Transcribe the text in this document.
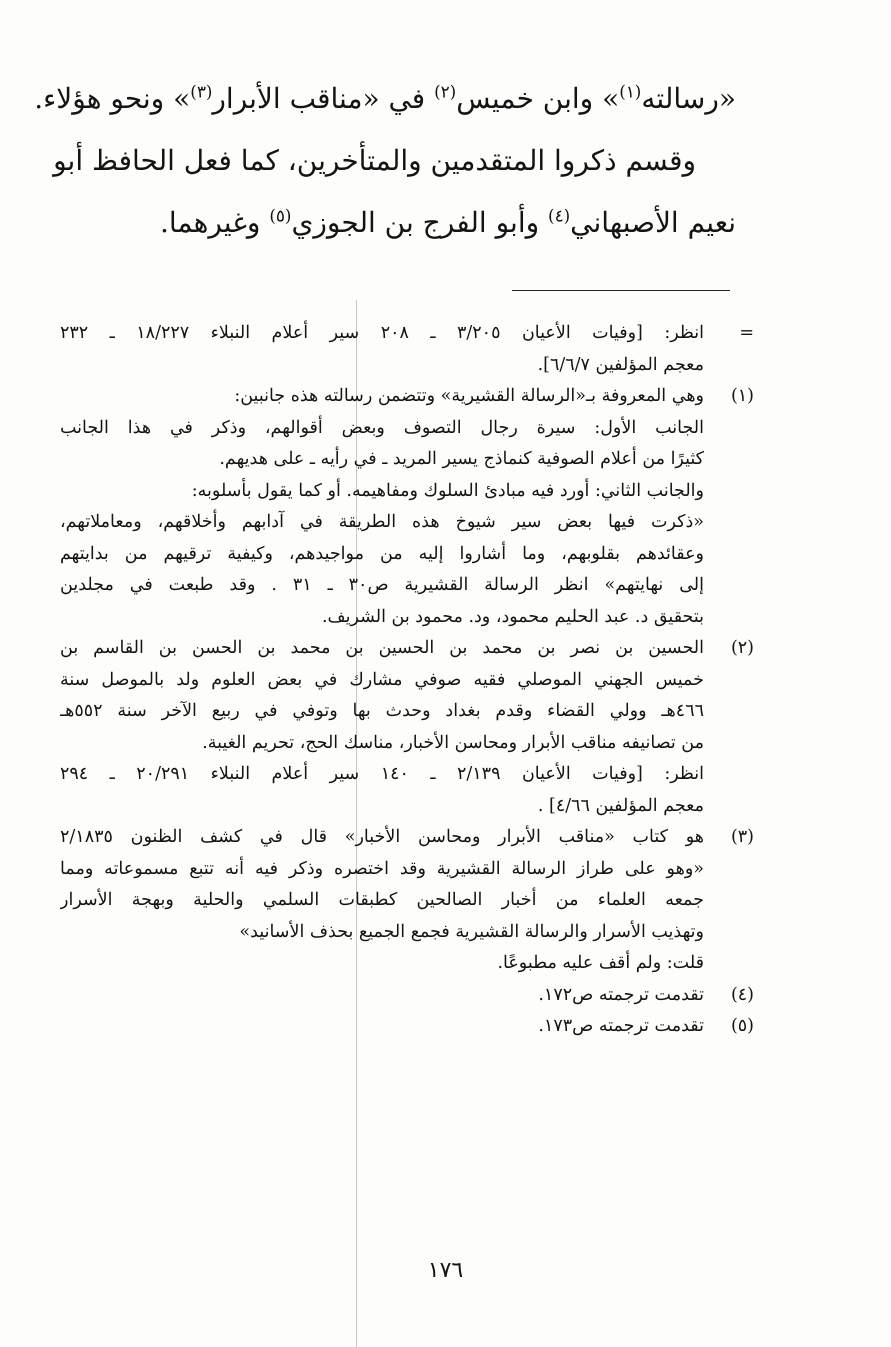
«رسالته$^{(١)}$» وابن خميس$^{(٢)}$ في «مناقب الأبرار$^{(٣)}$» ونحو هؤلاء.
وقسم ذكروا المتقدمين والمتأخرين، كما فعل الحافظ أبو
نعيم الأصبهاني$^{(٤)}$ وأبو الفرج بن الجوزي$^{(٥)}$ وغيرهما.
=
انظر: [وفيات الأعيان ٣/٢٠٥ ـ ٢٠٨ سير أعلام النبلاء ١٨/٢٢٧ ـ ٢٣٢
معجم المؤلفين ٦/٦/٧].
(١)
وهي المعروفة بـ«الرسالة القشيرية» وتتضمن رسالته هذه جانبين:
الجانب الأول: سيرة رجال التصوف وبعض أقوالهم، وذكر في هذا الجانب
كثيرًا من أعلام الصوفية كنماذج يسير المريد ـ في رأيه ـ على هديهم.
والجانب الثاني: أورد فيه مبادئ السلوك ومفاهيمه. أو كما يقول بأسلوبه:
«ذكرت فيها بعض سير شيوخ هذه الطريقة في آدابهم وأخلاقهم، ومعاملاتهم،
وعقائدهم بقلوبهم، وما أشاروا إليه من مواجيدهم، وكيفية ترقيهم من بدايتهم
إلى نهايتهم» انظر الرسالة القشيرية ص٣٠ ـ ٣١ . وقد طبعت في مجلدين
بتحقيق د. عبد الحليم محمود، ود. محمود بن الشريف.
(٢)
الحسين بن نصر بن محمد بن الحسين بن محمد بن الحسن بن القاسم بن
خميس الجهني الموصلي فقيه صوفي مشارك في بعض العلوم ولد بالموصل سنة
٤٦٦هـ وولي القضاء وقدم بغداد وحدث بها وتوفي في ربيع الآخر سنة ٥٥٢هـ
من تصانيفه مناقب الأبرار ومحاسن الأخبار، مناسك الحج، تحريم الغيبة.
انظر: [وفيات الأعيان ٢/١٣٩ ـ ١٤٠ سير أعلام النبلاء ٢٠/٢٩١ ـ ٢٩٤
معجم المؤلفين ٤/٦٦] .
(٣)
هو كتاب «مناقب الأبرار ومحاسن الأخبار» قال في كشف الظنون ٢/١٨٣٥
«وهو على طراز الرسالة القشيرية وقد اختصره وذكر فيه أنه تتبع مسموعاته ومما
جمعه العلماء من أخبار الصالحين كطبقات السلمي والحلية وبهجة الأسرار
وتهذيب الأسرار والرسالة القشيرية فجمع الجميع بحذف الأسانيد»
قلت: ولم أقف عليه مطبوعًا.
(٤)
تقدمت ترجمته ص١٧٢.
(٥)
تقدمت ترجمته ص١٧٣.
١٧٦
